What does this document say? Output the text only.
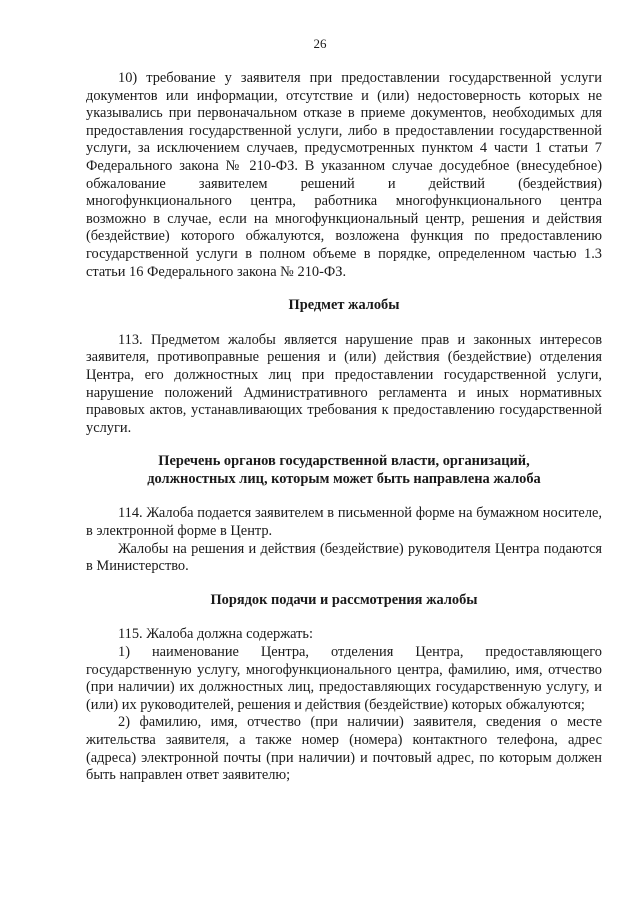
26

10) требование у заявителя при предоставлении государственной услуги документов или информации, отсутствие и (или) недостоверность которых не указывались при первоначальном отказе в приеме документов, необходимых для предоставления государственной услуги, либо в предоставлении государственной услуги, за исключением случаев, предусмотренных пунктом 4 части 1 статьи 7 Федерального закона № 210-ФЗ. В указанном случае досудебное (внесудебное) обжалование заявителем решений и действий (бездействия) многофункционального центра, работника многофункционального центра возможно в случае, если на многофункциональный центр, решения и действия (бездействие) которого обжалуются, возложена функция по предоставлению государственной услуги в полном объеме в порядке, определенном частью 1.3 статьи 16 Федерального закона № 210-ФЗ.

Предмет жалобы

113. Предметом жалобы является нарушение прав и законных интересов заявителя, противоправные решения и (или) действия (бездействие) отделения Центра, его должностных лиц при предоставлении государственной услуги, нарушение положений Административного регламента и иных нормативных правовых актов, устанавливающих требования к предоставлению государственной услуги.

Перечень органов государственной власти, организаций,
должностных лиц, которым может быть направлена жалоба

114. Жалоба подается заявителем в письменной форме на бумажном носителе, в электронной форме в Центр.

Жалобы на решения и действия (бездействие) руководителя Центра подаются в Министерство.

Порядок подачи и рассмотрения жалобы

115. Жалоба должна содержать:

1) наименование Центра, отделения Центра, предоставляющего государственную услугу, многофункционального центра, фамилию, имя, отчество (при наличии) их должностных лиц, предоставляющих государственную услугу, и (или) их руководителей, решения и действия (бездействие) которых обжалуются;

2) фамилию, имя, отчество (при наличии) заявителя, сведения о месте жительства заявителя, а также номер (номера) контактного телефона, адрес (адреса) электронной почты (при наличии) и почтовый адрес, по которым должен быть направлен ответ заявителю;
